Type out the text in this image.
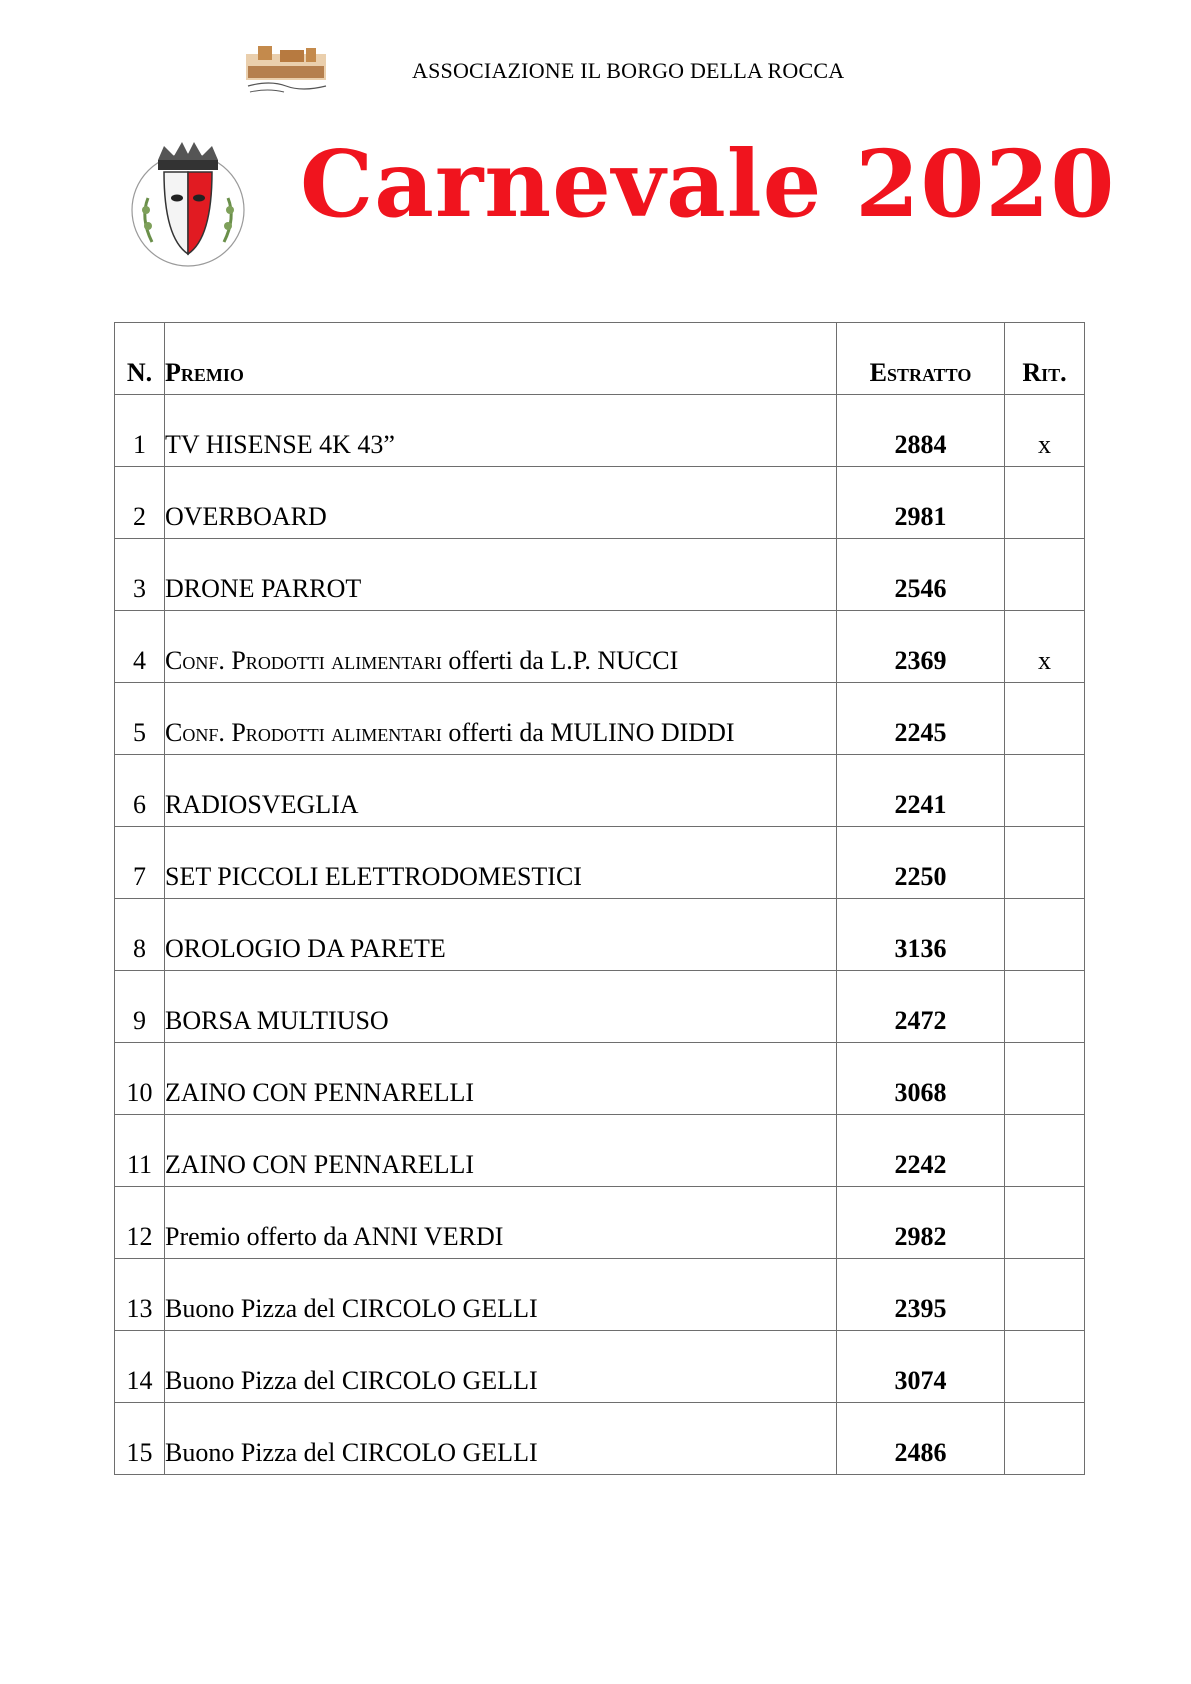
ASSOCIAZIONE IL BORGO DELLA ROCCA
Carnevale 2020
N.	Premio	Estratto	Rit.
1	TV HISENSE 4K 43”	2884	x
2	OVERBOARD	2981	
3	DRONE PARROT	2546	
4	Conf. Prodotti alimentari offerti da L.P. NUCCI	2369	x
5	Conf. Prodotti alimentari offerti da MULINO DIDDI	2245	
6	RADIOSVEGLIA	2241	
7	SET PICCOLI ELETTRODOMESTICI	2250	
8	OROLOGIO DA PARETE	3136	
9	BORSA MULTIUSO	2472	
10	ZAINO CON PENNARELLI	3068	
11	ZAINO CON PENNARELLI	2242	
12	Premio offerto da ANNI VERDI	2982	
13	Buono Pizza del CIRCOLO GELLI	2395	
14	Buono Pizza del CIRCOLO GELLI	3074	
15	Buono Pizza del CIRCOLO GELLI	2486	
